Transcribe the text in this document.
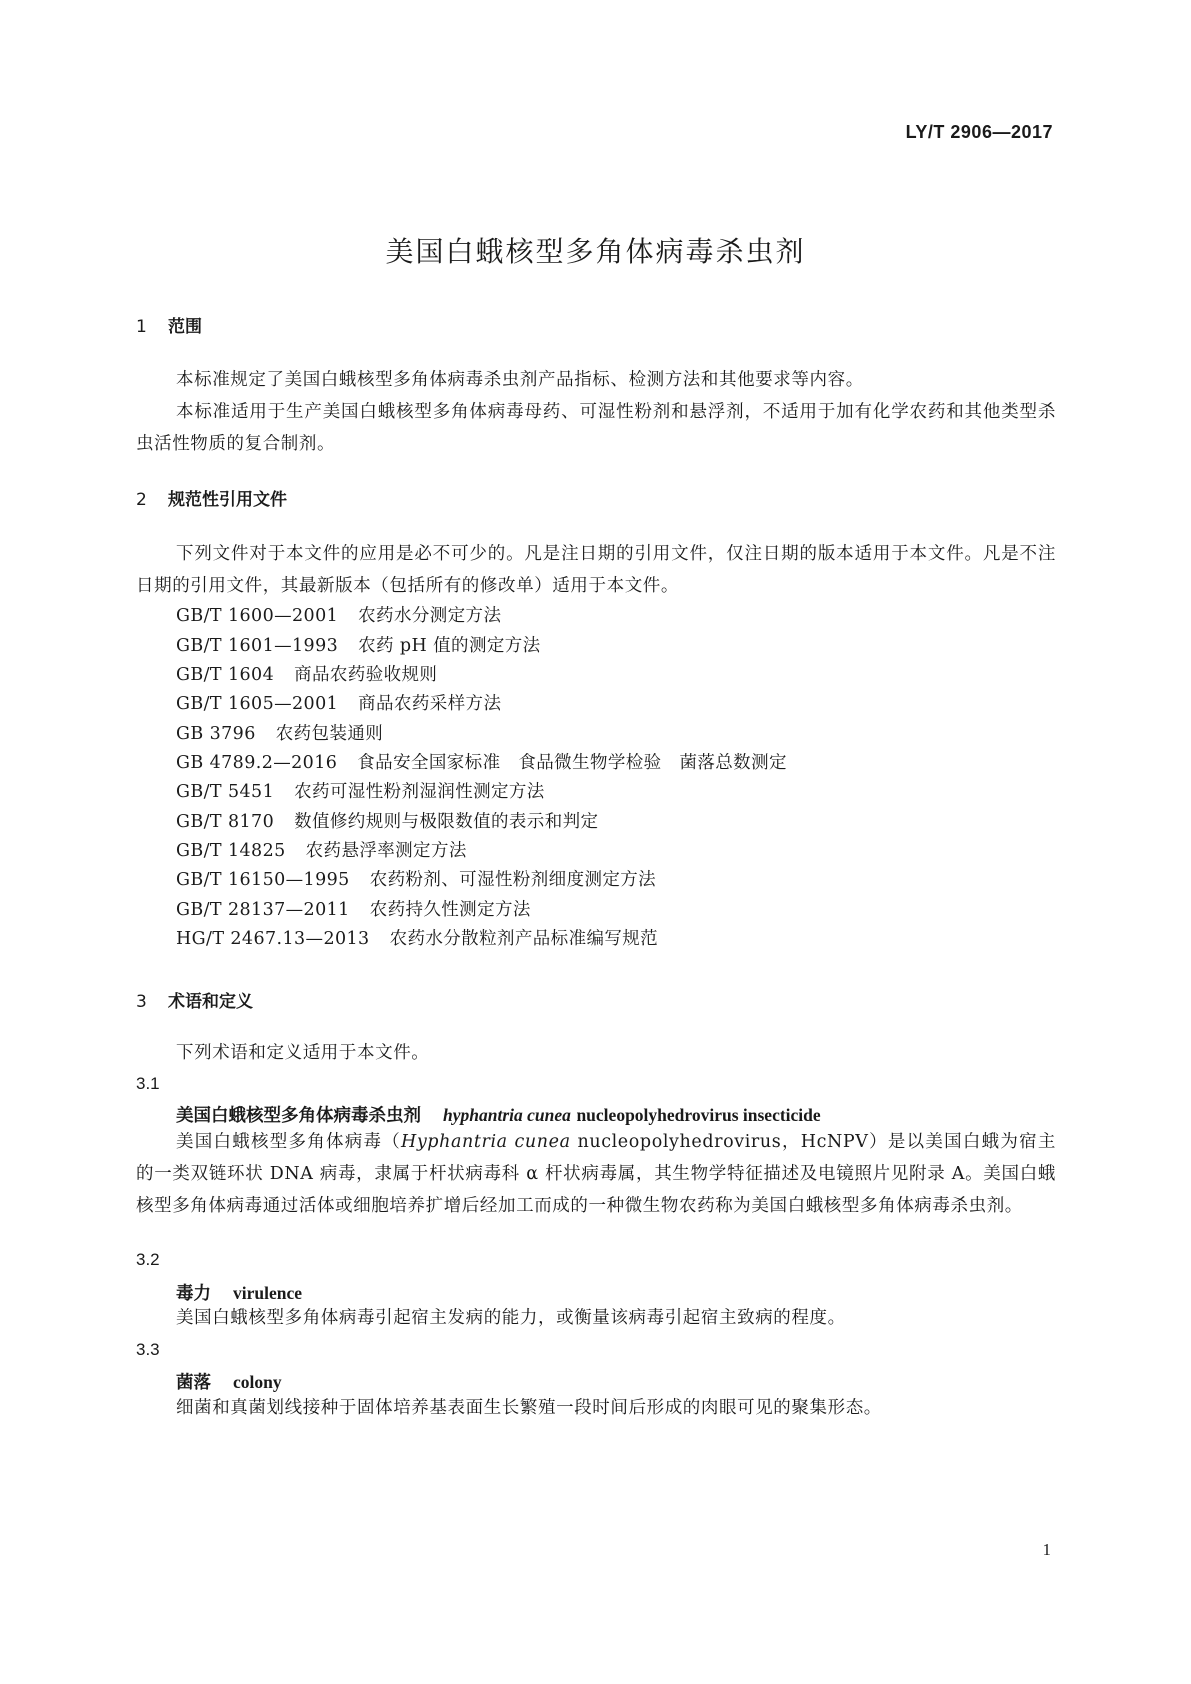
LY/T 2906—2017
美国白蛾核型多角体病毒杀虫剂
1 范围

本标准规定了美国白蛾核型多角体病毒杀虫剂产品指标、检测方法和其他要求等内容。

本标准适用于生产美国白蛾核型多角体病毒母药、可湿性粉剂和悬浮剂，不适用于加有化学农药和其他类型杀虫活性物质的复合制剂。

2 规范性引用文件

下列文件对于本文件的应用是必不可少的。凡是注日期的引用文件，仅注日期的版本适用于本文件。凡是不注日期的引用文件，其最新版本（包括所有的修改单）适用于本文件。

GB/T 1600—2001 农药水分测定方法
GB/T 1601—1993 农药 pH 值的测定方法
GB/T 1604 商品农药验收规则
GB/T 1605—2001 商品农药采样方法
GB 3796 农药包装通则
GB 4789.2—2016 食品安全国家标准　食品微生物学检验　菌落总数测定
GB/T 5451 农药可湿性粉剂湿润性测定方法
GB/T 8170 数值修约规则与极限数值的表示和判定
GB/T 14825 农药悬浮率测定方法
GB/T 16150—1995 农药粉剂、可湿性粉剂细度测定方法
GB/T 28137—2011 农药持久性测定方法
HG/T 2467.13—2013 农药水分散粒剂产品标准编写规范
3 术语和定义

下列术语和定义适用于本文件。

3.1
美国白蛾核型多角体病毒杀虫剂 hyphantria cunea nucleopolyhedrovirus insecticide

美国白蛾核型多角体病毒（Hyphantria cunea nucleopolyhedrovirus，HcNPV）是以美国白蛾为宿主的一类双链环状 DNA 病毒，隶属于杆状病毒科 α 杆状病毒属，其生物学特征描述及电镜照片见附录 A。美国白蛾核型多角体病毒通过活体或细胞培养扩增后经加工而成的一种微生物农药称为美国白蛾核型多角体病毒杀虫剂。

3.2
毒力 virulence

美国白蛾核型多角体病毒引起宿主发病的能力，或衡量该病毒引起宿主致病的程度。

3.3
菌落 colony

细菌和真菌划线接种于固体培养基表面生长繁殖一段时间后形成的肉眼可见的聚集形态。

1
